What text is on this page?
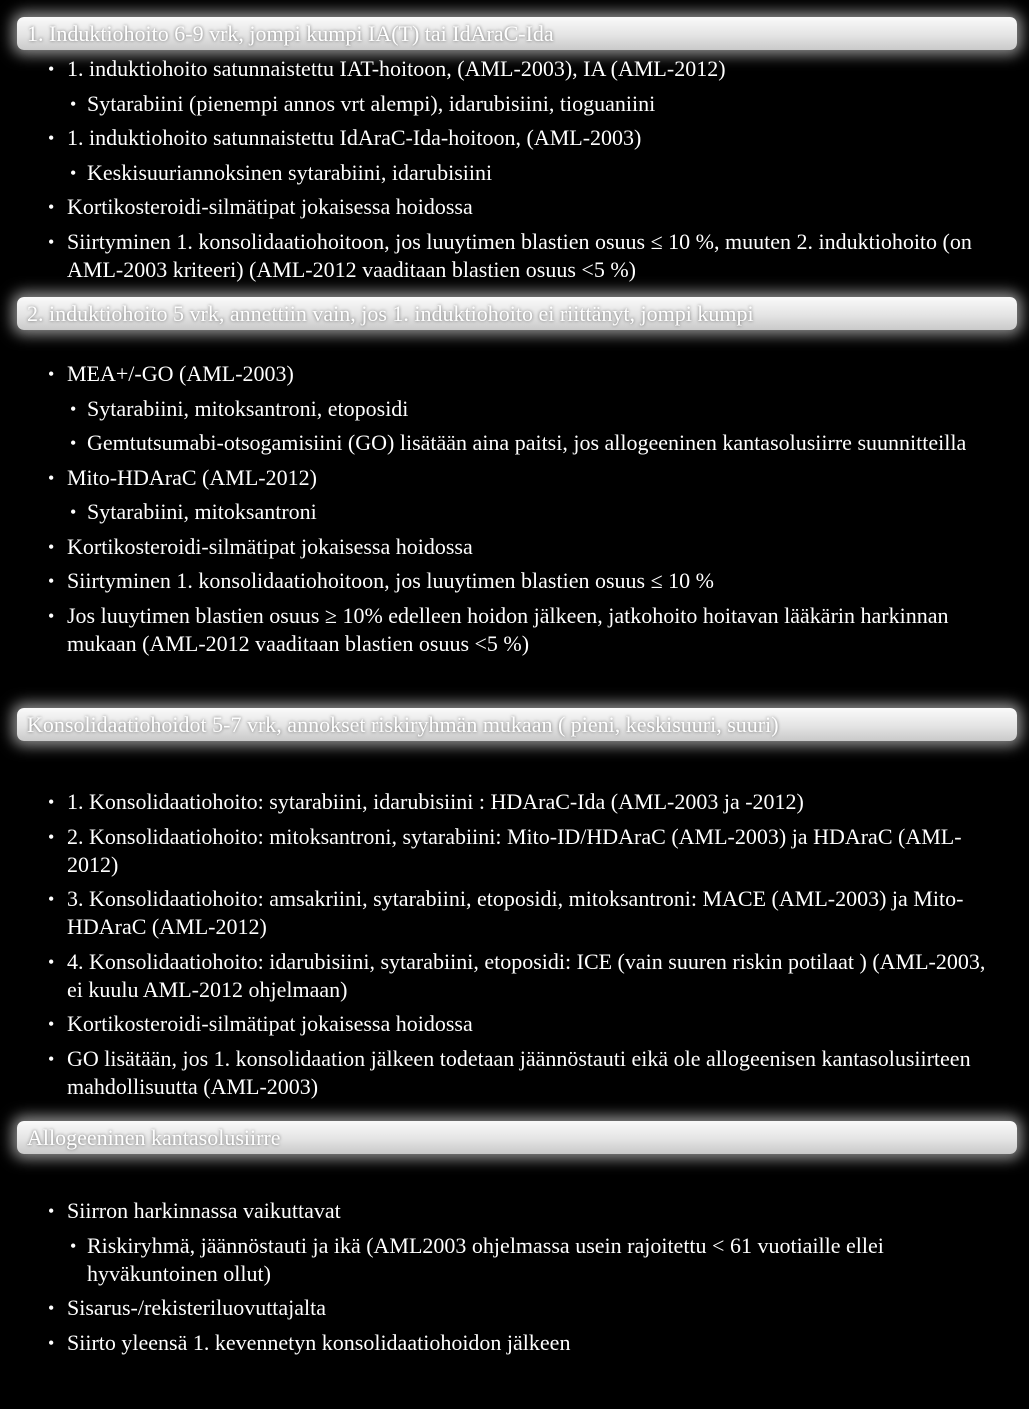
1. Induktiohoito 6-9 vrk, jompi kumpi IA(T) tai IdAraC-Ida
• 1. induktiohoito satunnaistettu IAT-hoitoon, (AML-2003), IA (AML-2012)
• Sytarabiini (pienempi annos vrt alempi), idarubisiini, tioguaniini
• 1. induktiohoito satunnaistettu IdAraC-Ida-hoitoon, (AML-2003)
• Keskisuuriannoksinen sytarabiini, idarubisiini
• Kortikosteroidi-silmätipat jokaisessa hoidossa
• Siirtyminen 1. konsolidaatiohoitoon, jos luuytimen blastien osuus ≤ 10 %, muuten 2. induktiohoito (on AML-2003 kriteeri) (AML-2012 vaaditaan blastien osuus <5 %)
2. induktiohoito 5 vrk, annettiin vain, jos 1. induktiohoito ei riittänyt, jompi kumpi
• MEA+/-GO (AML-2003)
• Sytarabiini, mitoksantroni, etoposidi
• Gemtutsumabi-otsogamisiini (GO) lisätään aina paitsi, jos allogeeninen kantasolusiirre suunnitteilla
• Mito-HDAraC (AML-2012)
• Sytarabiini, mitoksantroni
• Kortikosteroidi-silmätipat jokaisessa hoidossa
• Siirtyminen 1. konsolidaatiohoitoon, jos luuytimen blastien osuus ≤ 10 %
• Jos luuytimen blastien osuus ≥ 10% edelleen hoidon jälkeen, jatkohoito hoitavan lääkärin harkinnan mukaan (AML-2012 vaaditaan blastien osuus <5 %)
Konsolidaatiohoidot 5-7 vrk, annokset riskiryhmän mukaan ( pieni, keskisuuri, suuri)
• 1. Konsolidaatiohoito: sytarabiini, idarubisiini : HDAraC-Ida (AML-2003 ja -2012)
• 2. Konsolidaatiohoito: mitoksantroni, sytarabiini: Mito-ID/HDAraC (AML-2003) ja HDAraC (AML-2012)
• 3. Konsolidaatiohoito: amsakriini, sytarabiini, etoposidi, mitoksantroni: MACE (AML-2003) ja Mito-HDAraC (AML-2012)
• 4. Konsolidaatiohoito: idarubisiini, sytarabiini, etoposidi: ICE (vain suuren riskin potilaat ) (AML-2003, ei kuulu AML-2012 ohjelmaan)
• Kortikosteroidi-silmätipat jokaisessa hoidossa
• GO lisätään, jos 1. konsolidaation jälkeen todetaan jäännöstauti eikä ole allogeenisen kantasolusiirteen mahdollisuutta (AML-2003)
Allogeeninen kantasolusiirre
• Siirron harkinnassa vaikuttavat
• Riskiryhmä, jäännöstauti ja ikä (AML2003 ohjelmassa usein rajoitettu < 61 vuotiaille ellei hyväkuntoinen ollut)
• Sisarus-/rekisteriluovuttajalta
• Siirto yleensä 1. kevennetyn konsolidaatiohoidon jälkeen
